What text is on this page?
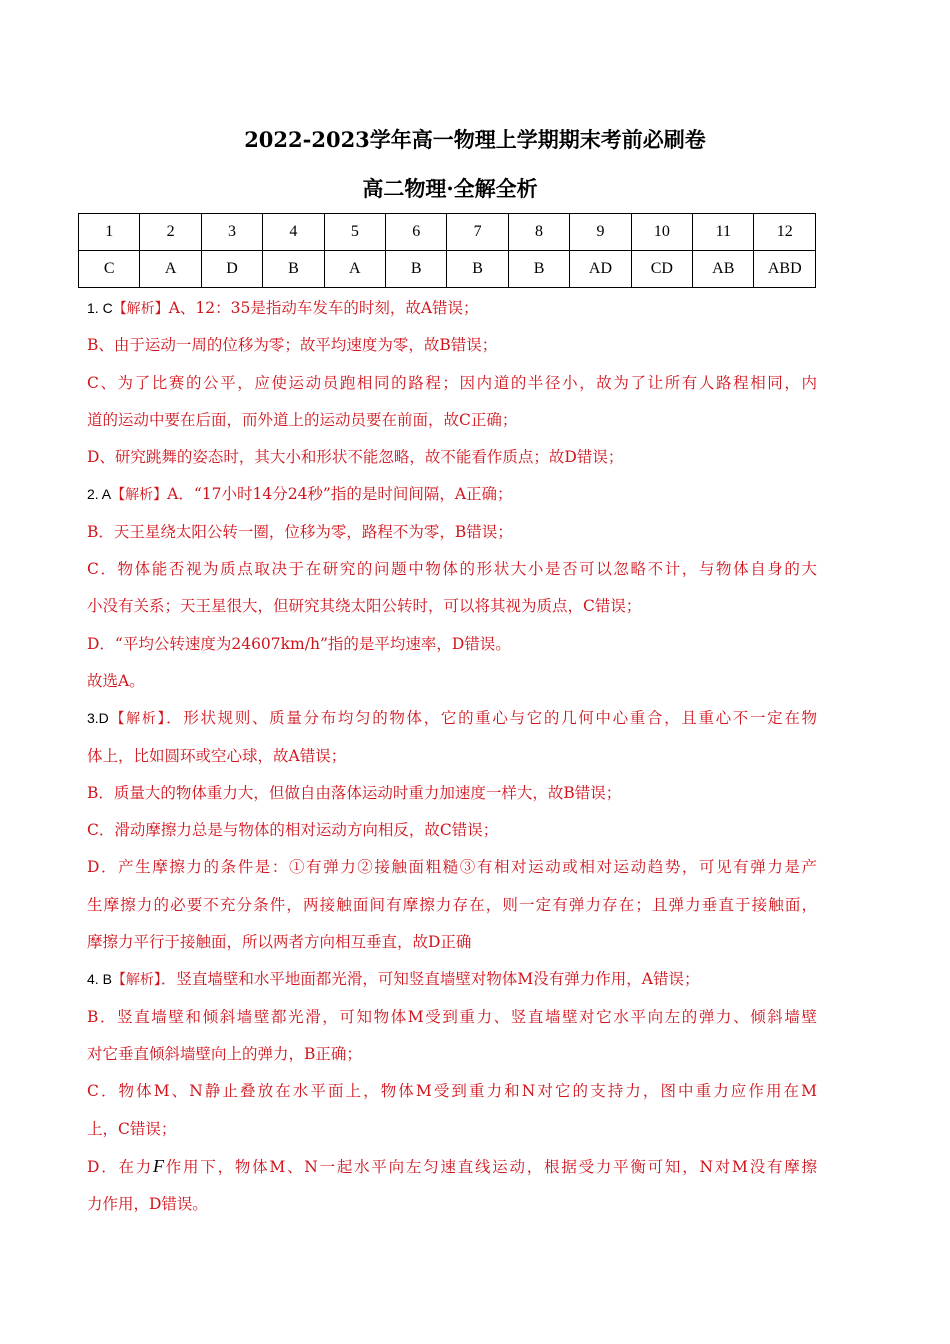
2022-2023学年高一物理上学期期末考前必刷卷
高二物理·全解全析
1	2	3	4	5	6	7	8	9	10	11	12
C	A	D	B	A	B	B	B	AD	CD	AB	ABD
1. C【解析】A、12：35是指动车发车的时刻，故A错误；
B、由于运动一周的位移为零；故平均速度为零，故B错误；
C、为了比赛的公平，应使运动员跑相同的路程；因内道的半径小，故为了让所有人路程相同，内
道的运动中要在后面，而外道上的运动员要在前面，故C正确；
D、研究跳舞的姿态时，其大小和形状不能忽略，故不能看作质点；故D错误；
2. A【解析】A．“17小时14分24秒”指的是时间间隔，A正确；
B．天王星绕太阳公转一圈，位移为零，路程不为零，B错误；
C．物体能否视为质点取决于在研究的问题中物体的形状大小是否可以忽略不计，与物体自身的大
小没有关系；天王星很大，但研究其绕太阳公转时，可以将其视为质点，C错误；
D．“平均公转速度为24607km/h”指的是平均速率，D错误。
故选A。
3.D【解析】．形状规则、质量分布均匀的物体，它的重心与它的几何中心重合，且重心不一定在物
体上，比如圆环或空心球，故A错误；
B．质量大的物体重力大，但做自由落体运动时重力加速度一样大，故B错误；
C．滑动摩擦力总是与物体的相对运动方向相反，故C错误；
D．产生摩擦力的条件是：①有弹力②接触面粗糙③有相对运动或相对运动趋势，可见有弹力是产
生摩擦力的必要不充分条件，两接触面间有摩擦力存在，则一定有弹力存在；且弹力垂直于接触面，
摩擦力平行于接触面，所以两者方向相互垂直，故D正确
4. B【解析】．竖直墙壁和水平地面都光滑，可知竖直墙壁对物体M没有弹力作用，A错误；
B．竖直墙壁和倾斜墙壁都光滑，可知物体M受到重力、竖直墙壁对它水平向左的弹力、倾斜墙壁
对它垂直倾斜墙壁向上的弹力，B正确；
C．物体M、N静止叠放在水平面上，物体M受到重力和N对它的支持力，图中重力应作用在M
上，C错误；
D．在力F作用下，物体M、N一起水平向左匀速直线运动，根据受力平衡可知，N对M没有摩擦
力作用，D错误。
